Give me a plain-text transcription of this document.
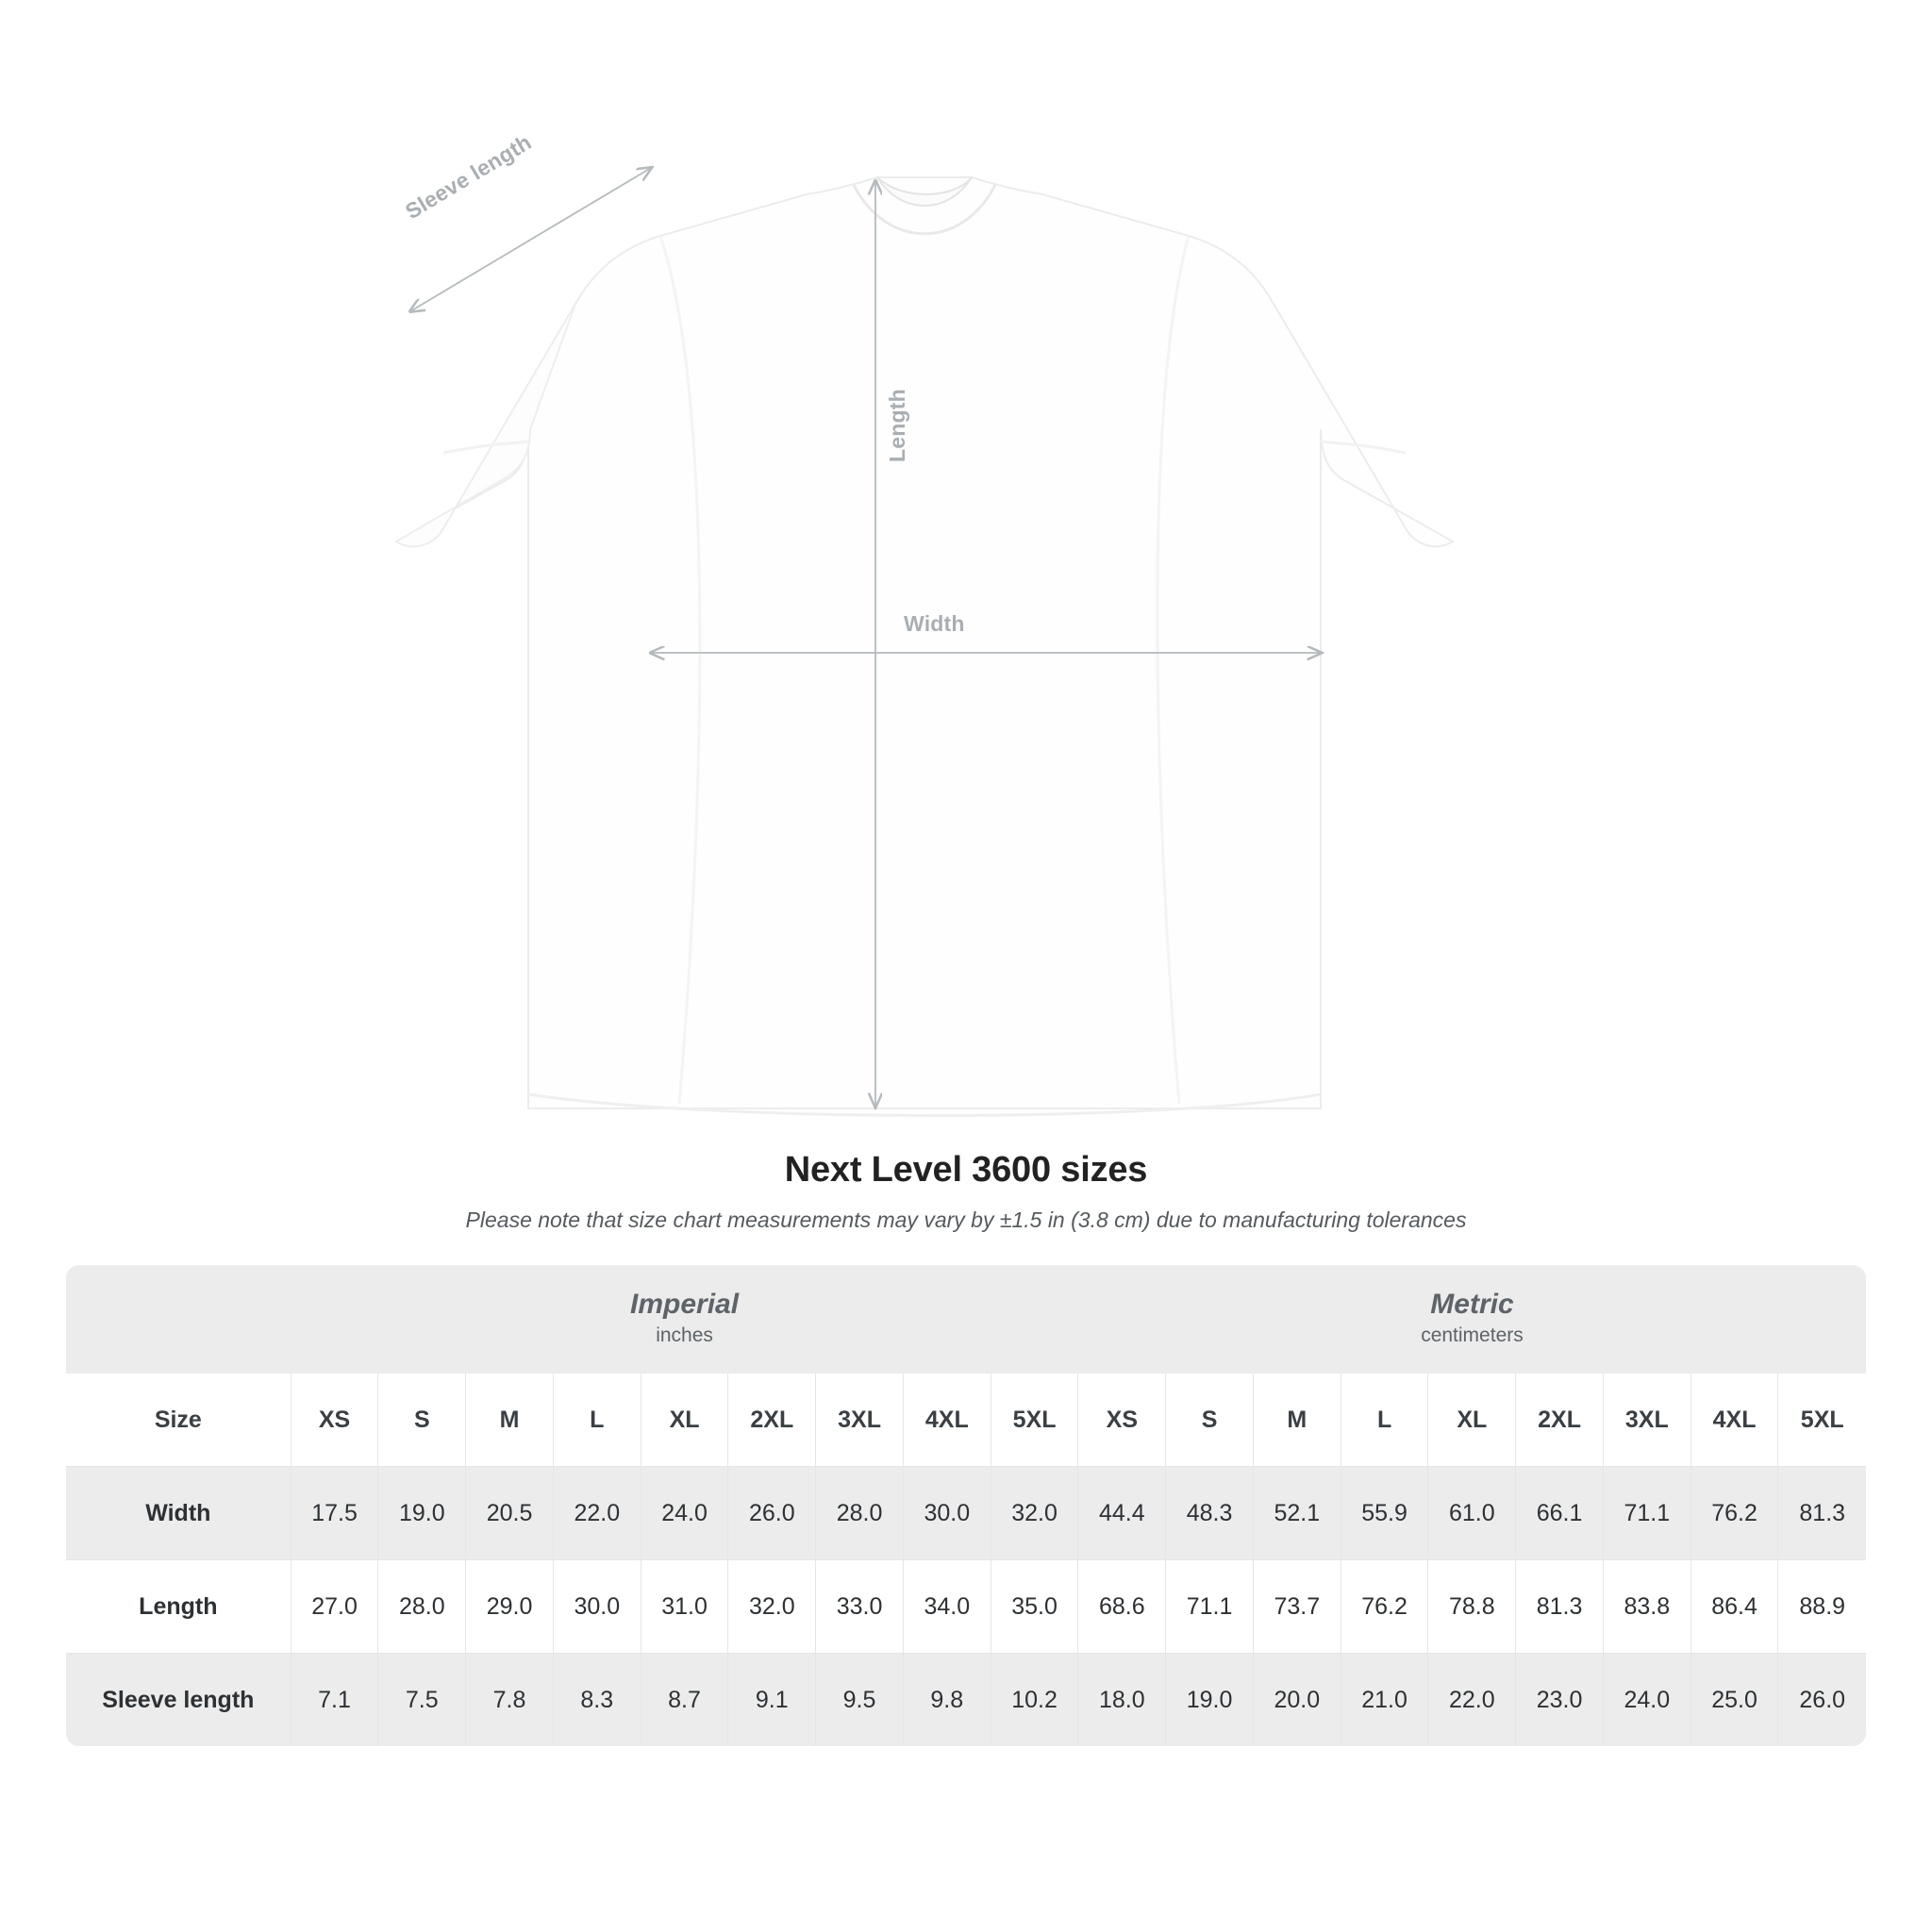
Sleeve length
Length
Width
Next Level 3600 sizes
Please note that size chart measurements may vary by ±1.5 in (3.8 cm) due to manufacturing tolerances

Imperial
inches

Metric
centimeters

Size	XS	S	M	L	XL	2XL	3XL	4XL	5XL	XS	S	M	L	XL	2XL	3XL	4XL	5XL
Width	17.5	19.0	20.5	22.0	24.0	26.0	28.0	30.0	32.0	44.4	48.3	52.1	55.9	61.0	66.1	71.1	76.2	81.3
Length	27.0	28.0	29.0	30.0	31.0	32.0	33.0	34.0	35.0	68.6	71.1	73.7	76.2	78.8	81.3	83.8	86.4	88.9
Sleeve length	7.1	7.5	7.8	8.3	8.7	9.1	9.5	9.8	10.2	18.0	19.0	20.0	21.0	22.0	23.0	24.0	25.0	26.0
